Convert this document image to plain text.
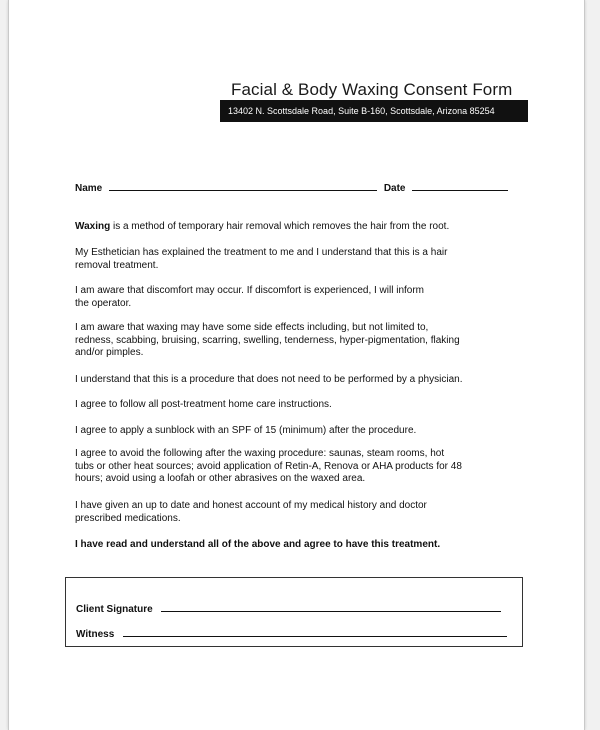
Facial & Body Waxing Consent Form
13402 N. Scottsdale Road, Suite B-160, Scottsdale, Arizona 85254
Name	Date
Waxing is a method of temporary hair removal which removes the hair from the root.
My Esthetician has explained the treatment to me and I understand that this is a hair
removal treatment.
I am aware that discomfort may occur. If discomfort is experienced, I will inform
the operator.
I am aware that waxing may have some side effects including, but not limited to,
redness, scabbing, bruising, scarring, swelling, tenderness, hyper-pigmentation, flaking
and/or pimples.
I understand that this is a procedure that does not need to be performed by a physician.
I agree to follow all post-treatment home care instructions.
I agree to apply a sunblock with an SPF of 15 (minimum) after the procedure.
I agree to avoid the following after the waxing procedure: saunas, steam rooms, hot
tubs or other heat sources; avoid application of Retin-A, Renova or AHA products for 48
hours; avoid using a loofah or other abrasives on the waxed area.
I have given an up to date and honest account of my medical history and doctor
prescribed medications.
I have read and understand all of the above and agree to have this treatment.
Client Signature
Witness
